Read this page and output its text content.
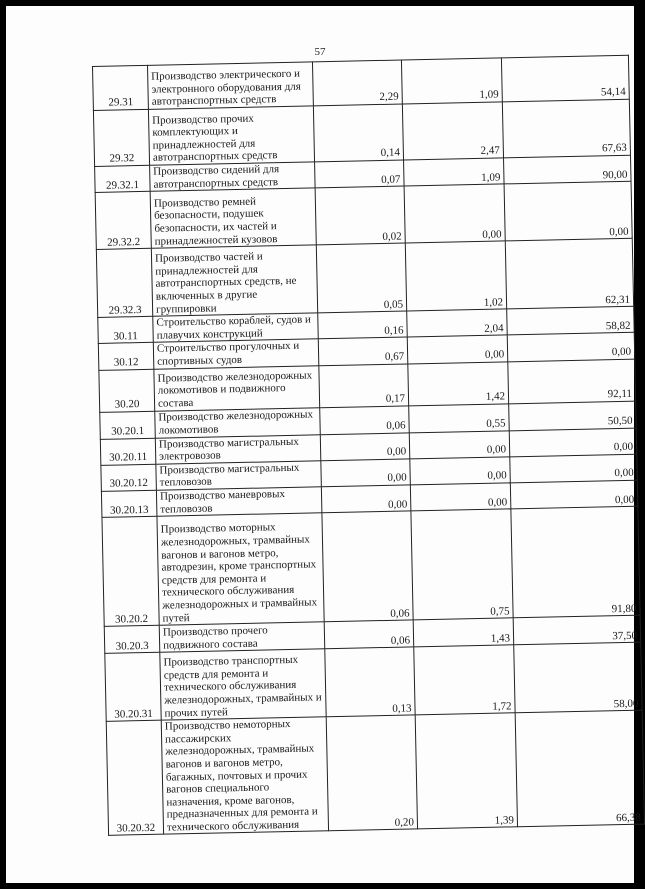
57
29.31	Производство электрического и электронного оборудования для автотранспортных средств	2,29	1,09	54,14
29.32	Производство прочих комплектующих и принадлежностей для автотранспортных средств	0,14	2,47	67,63
29.32.1	Производство сидений для автотранспортных средств	0,07	1,09	90,00
29.32.2	Производство ремней безопасности, подушек безопасности, их частей и принадлежностей кузовов	0,02	0,00	0,00
29.32.3	Производство частей и принадлежностей для автотранспортных средств, не включенных в другие группировки	0,05	1,02	62,31
30.11	Строительство кораблей, судов и плавучих конструкций	0,16	2,04	58,82
30.12	Строительство прогулочных и спортивных судов	0,67	0,00	0,00
30.20	Производство железнодорожных локомотивов и подвижного состава	0,17	1,42	92,11
30.20.1	Производство железнодорожных локомотивов	0,06	0,55	50,50
30.20.11	Производство магистральных электровозов	0,00	0,00	0,00
30.20.12	Производство магистральных тепловозов	0,00	0,00	0,00
30.20.13	Производство маневровых тепловозов	0,00	0,00	0,00
30.20.2	Производство моторных железнодорожных, трамвайных вагонов и вагонов метро, автодрезин, кроме транспортных средств для ремонта и технического обслуживания железнодорожных и трамвайных путей	0,06	0,75	91,80
30.20.3	Производство прочего подвижного состава	0,06	1,43	37,50
30.20.31	Производство транспортных средств для ремонта и технического обслуживания железнодорожных, трамвайных и прочих путей	0,13	1,72	58,00
30.20.32	Производство немоторных пассажирских железнодорожных, трамвайных вагонов и вагонов метро, багажных, почтовых и прочих вагонов специального назначения, кроме вагонов, предназначенных для ремонта и технического обслуживания	0,20	1,39	66,38
